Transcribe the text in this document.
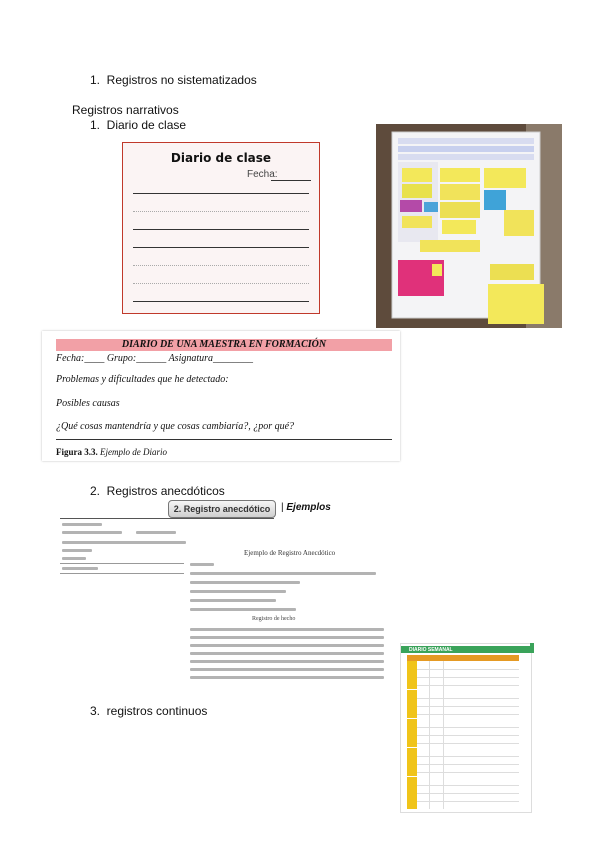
1.  Registros no sistematizados
Registros narrativos
1.  Diario de clase
Diario de clase
Fecha:
DIARIO DE UNA MAESTRA EN FORMACIÓN
Fecha:____ Grupo:______ Asignatura________
Problemas y dificultades que he detectado:
Posibles causas
¿Qué cosas mantendría y que cosas cambiaría?, ¿por qué?
Figura 3.3. Ejemplo de Diario
2.  Registros anecdóticos
2. Registro anecdótico	| Ejemplos
Ejemplo de Registro Anecdótico
Registro de hecho
3.  registros continuos
DIARIO SEMANAL
